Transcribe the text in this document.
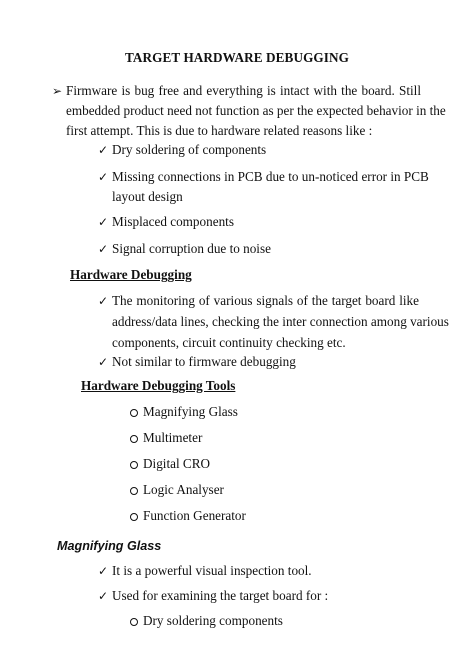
TARGET HARDWARE DEBUGGING
➢ Firmware is bug free and everything is intact with the board. Still
embedded product need not function as per the expected behavior in the
first attempt. This is due to hardware related reasons like :
✓ Dry soldering of components
✓ Missing connections in PCB due to un-noticed error in PCB
layout design
✓ Misplaced components
✓ Signal corruption due to noise
Hardware Debugging
✓ The monitoring of various signals of the target board like
address/data lines, checking the inter connection among various
components, circuit continuity checking etc.
✓ Not similar to firmware debugging
Hardware Debugging Tools
Magnifying Glass
Multimeter
Digital CRO
Logic Analyser
Function Generator
Magnifying Glass
✓ It is a powerful visual inspection tool.
✓ Used for examining the target board for :
Dry soldering components
